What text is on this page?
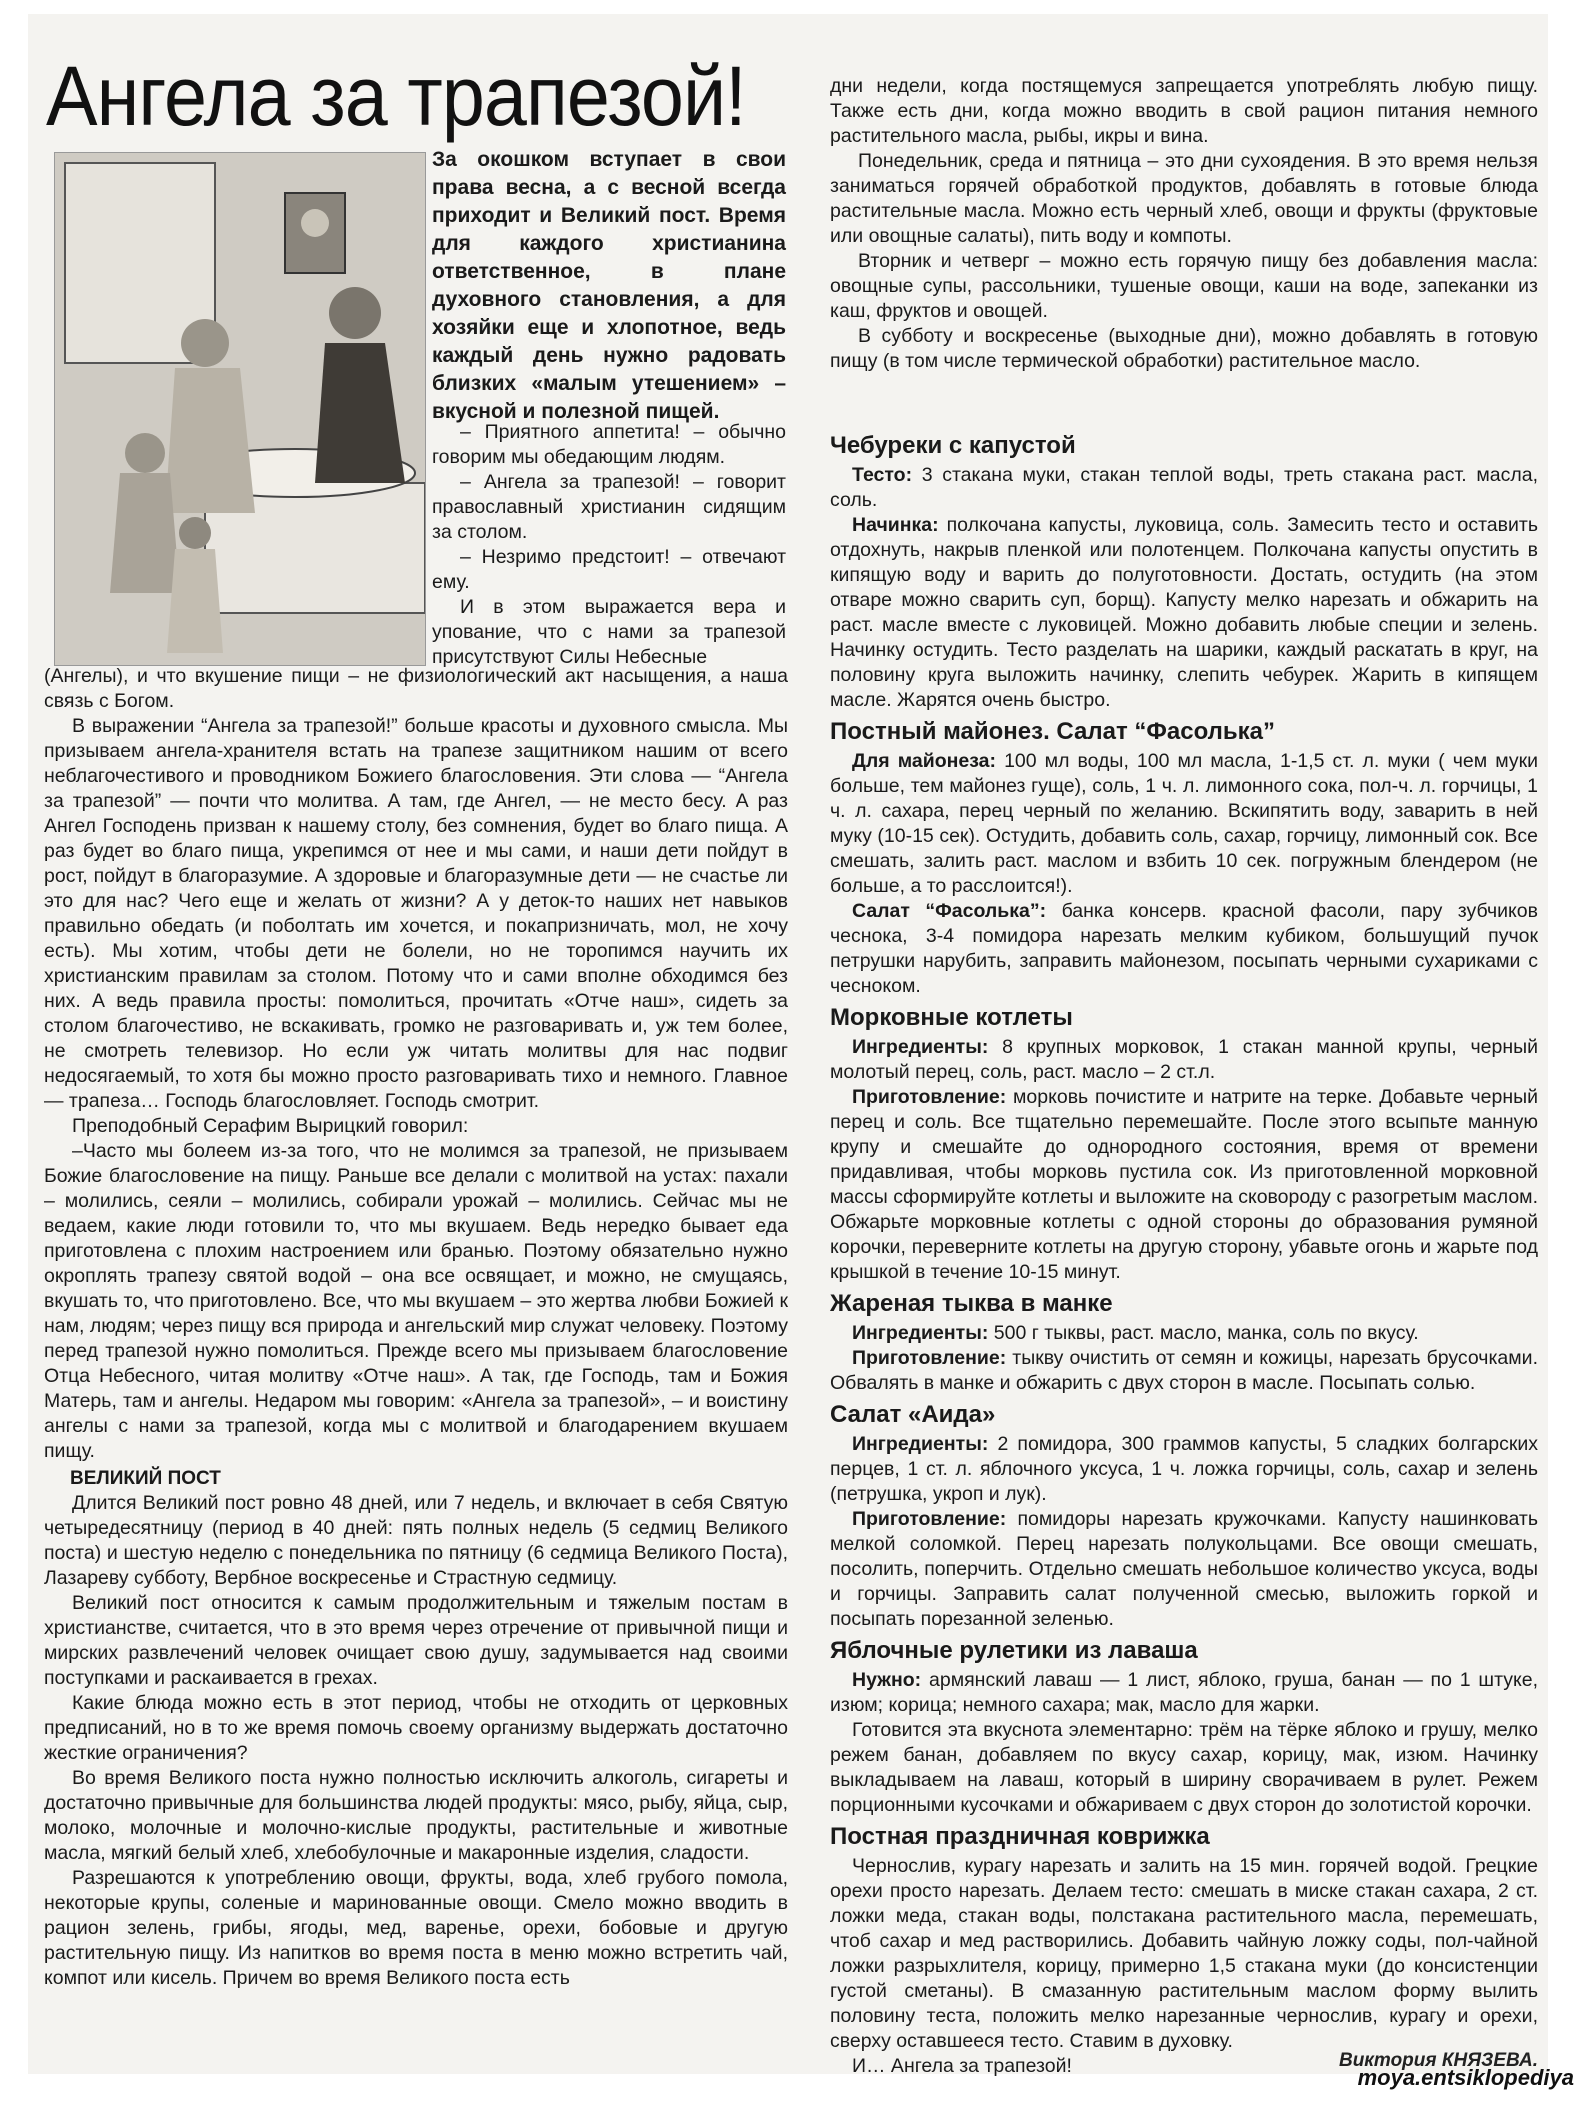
Ангела за трапезой!
За окошком вступает в свои права весна, а с весной всегда приходит и Великий пост. Время для каждого христианина ответственное, в плане духовного становления, а для хозяйки еще и хлопотное, ведь каждый день нужно радовать близких «малым утешением» – вкусной и полезной пищей.

– Приятного аппетита! – обычно говорим мы обедающим людям.

– Ангела за трапезой! – говорит православный христианин сидящим за столом.

– Незримо предстоит! – отвечают ему.

И в этом выражается вера и упование, что с нами за трапезой присутствуют Силы Небесные

(Ангелы), и что вкушение пищи – не физиологический акт насыщения, а наша связь с Богом.

В выражении “Ангела за трапезой!” больше красоты и духовного смысла. Мы призываем ангела-хранителя встать на трапезе защитником нашим от всего неблагочестивого и проводником Божиего благословения. Эти слова — “Ангела за трапезой” — почти что молитва. А там, где Ангел, — не место бесу. А раз Ангел Господень призван к нашему столу, без сомнения, будет во благо пища. А раз будет во благо пища, укрепимся от нее и мы сами, и наши дети пойдут в рост, пойдут в благоразумие. А здоровые и благоразумные дети — не счастье ли это для нас? Чего еще и желать от жизни? А у деток-то наших нет навыков правильно обедать (и поболтать им хочется, и покапризничать, мол, не хочу есть). Мы хотим, чтобы дети не болели, но не торопимся научить их христианским правилам за столом. Потому что и сами вполне обходимся без них. А ведь правила просты: помолиться, прочитать «Отче наш», сидеть за столом благочестиво, не вскакивать, громко не разговаривать и, уж тем более, не смотреть телевизор. Но если уж читать молитвы для нас подвиг недосягаемый, то хотя бы можно просто разговаривать тихо и немного. Главное — трапеза… Господь благословляет. Господь смотрит.

Преподобный Серафим Вырицкий говорил:

–Часто мы болеем из-за того, что не молимся за трапезой, не призываем Божие благословение на пищу. Раньше все делали с молитвой на устах: пахали – молились, сеяли – молились, собирали урожай – молились. Сейчас мы не ведаем, какие люди готовили то, что мы вкушаем. Ведь нередко бывает еда приготовлена с плохим настроением или бранью. Поэтому обязательно нужно окроплять трапезу святой водой – она все освящает, и можно, не смущаясь, вкушать то, что приготовлено. Все, что мы вкушаем – это жертва любви Божией к нам, людям; через пищу вся природа и ангельский мир служат человеку. Поэтому перед трапезой нужно помолиться. Прежде всего мы призываем благословение Отца Небесного, читая молитву «Отче наш». А так, где Господь, там и Божия Матерь, там и ангелы. Недаром мы говорим: «Ангела за трапезой», – и воистину ангелы с нами за трапезой, когда мы с молитвой и благодарением вкушаем пищу.

ВЕЛИКИЙ ПОСТ

Длится Великий пост ровно 48 дней, или 7 недель, и включает в себя Святую четыредесятницу (период в 40 дней: пять полных недель (5 седмиц Великого поста) и шестую неделю с понедельника по пятницу (6 седмица Великого Поста), Лазареву субботу, Вербное воскресенье и Страстную седмицу.

Великий пост относится к самым продолжительным и тяжелым постам в христианстве, считается, что в это время через отречение от привычной пищи и мирских развлечений человек очищает свою душу, задумывается над своими поступками и раскаивается в грехах.

Какие блюда можно есть в этот период, чтобы не отходить от церковных предписаний, но в то же время помочь своему организму выдержать достаточно жесткие ограничения?

Во время Великого поста нужно полностью исключить алкоголь, сигареты и достаточно привычные для большинства людей продукты: мясо, рыбу, яйца, сыр, молоко, молочные и молочно-кислые продукты, растительные и животные масла, мягкий белый хлеб, хлебобулочные и макаронные изделия, сладости.

Разрешаются к употреблению овощи, фрукты, вода, хлеб грубого помола, некоторые крупы, соленые и маринованные овощи. Смело можно вводить в рацион зелень, грибы, ягоды, мед, варенье, орехи, бобовые и другую растительную пищу. Из напитков во время поста в меню можно встретить чай, компот или кисель. Причем во время Великого поста есть

дни недели, когда постящемуся запрещается употреблять любую пищу. Также есть дни, когда можно вводить в свой рацион питания немного растительного масла, рыбы, икры и вина.

Понедельник, среда и пятница – это дни сухоядения. В это время нельзя заниматься горячей обработкой продуктов, добавлять в готовые блюда растительные масла. Можно есть черный хлеб, овощи и фрукты (фруктовые или овощные салаты), пить воду и компоты.

Вторник и четверг – можно есть горячую пищу без добавления масла: овощные супы, рассольники, тушеные овощи, каши на воде, запеканки из каш, фруктов и овощей.

В субботу и воскресенье (выходные дни), можно добавлять в готовую пищу (в том числе термической обработки) растительное масло.

Чебуреки с капустой

Тесто: 3 стакана муки, стакан теплой воды, треть стакана раст. масла, соль.

Начинка: полкочана капусты, луковица, соль. Замесить тесто и оставить отдохнуть, накрыв пленкой или полотенцем. Полкочана капусты опустить в кипящую воду и варить до полуготовности. Достать, остудить (на этом отваре можно сварить суп, борщ). Капусту мелко нарезать и обжарить на раст. масле вместе с луковицей. Можно добавить любые специи и зелень. Начинку остудить. Тесто разделать на шарики, каждый раскатать в круг, на половину круга выложить начинку, слепить чебурек. Жарить в кипящем масле. Жарятся очень быстро.

Постный майонез. Салат “Фасолька”

Для майонеза: 100 мл воды, 100 мл масла, 1-1,5 ст. л. муки ( чем муки больше, тем майонез гуще), соль, 1 ч. л. лимонного сока, пол-ч. л. горчицы, 1 ч. л. сахара, перец черный по желанию. Вскипятить воду, заварить в ней муку (10-15 сек). Остудить, добавить соль, сахар, горчицу, лимонный сок. Все смешать, залить раст. маслом и взбить 10 сек. погружным блендером (не больше, а то расслоится!).

Салат “Фасолька”: банка консерв. красной фасоли, пару зубчиков чеснока, 3-4 помидора нарезать мелким кубиком, большущий пучок петрушки нарубить, заправить майонезом, посыпать черными сухариками с чесноком.

Морковные котлеты

Ингредиенты: 8 крупных морковок, 1 стакан манной крупы, черный молотый перец, соль, раст. масло – 2 ст.л.

Приготовление: морковь почистите и натрите на терке. Добавьте черный перец и соль. Все тщательно перемешайте. После этого всыпьте манную крупу и смешайте до однородного состояния, время от времени придавливая, чтобы морковь пустила сок. Из приготовленной морковной массы сформируйте котлеты и выложите на сковороду с разогретым маслом. Обжарьте морковные котлеты с одной стороны до образования румяной корочки, переверните котлеты на другую сторону, убавьте огонь и жарьте под крышкой в течение 10-15 минут.

Жареная тыква в манке

Ингредиенты: 500 г тыквы, раст. масло, манка, соль по вкусу.

Приготовление: тыкву очистить от семян и кожицы, нарезать брусочками. Обвалять в манке и обжарить с двух сторон в масле. Посыпать солью.

Салат «Аида»

Ингредиенты: 2 помидора, 300 граммов капусты, 5 сладких болгарских перцев, 1 ст. л. яблочного уксуса, 1 ч. ложка горчицы, соль, сахар и зелень (петрушка, укроп и лук).

Приготовление: помидоры нарезать кружочками. Капусту нашинковать мелкой соломкой. Перец нарезать полукольцами. Все овощи смешать, посолить, поперчить. Отдельно смешать небольшое количество уксуса, воды и горчицы. Заправить салат полученной смесью, выложить горкой и посыпать порезанной зеленью.

Яблочные рулетики из лаваша

Нужно: армянский лаваш — 1 лист, яблоко, груша, банан — по 1 штуке, изюм; корица; немного сахара; мак, масло для жарки.

Готовится эта вкуснота элементарно: трём на тёрке яблоко и грушу, мелко режем банан, добавляем по вкусу сахар, корицу, мак, изюм. Начинку выкладываем на лаваш, который в ширину сворачиваем в рулет. Режем порционными кусочками и обжариваем с двух сторон до золотистой корочки.

Постная праздничная коврижка

Чернослив, курагу нарезать и залить на 15 мин. горячей водой. Грецкие орехи просто нарезать. Делаем тесто: смешать в миске стакан сахара, 2 ст. ложки меда, стакан воды, полстакана растительного масла, перемешать, чтоб сахар и мед растворились. Добавить чайную ложку соды, пол-чайной ложки разрыхлителя, корицу, примерно 1,5 стакана муки (до консистенции густой сметаны). В смазанную растительным маслом форму вылить половину теста, положить мелко нарезанные чернослив, курагу и орехи, сверху оставшееся тесто. Ставим в духовку.

И… Ангела за трапезой!	Виктория КНЯЗЕВА.
moya.entsiklopediya
